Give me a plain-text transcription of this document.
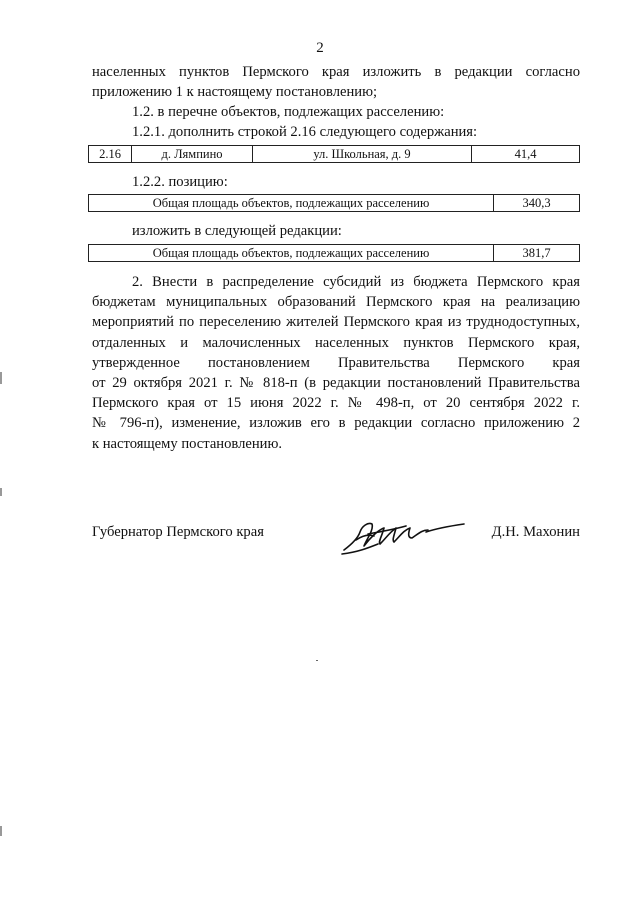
2
населенных пунктов Пермского края изложить в редакции согласно
приложению 1 к настоящему постановлению;
1.2. в перечне объектов, подлежащих расселению:
1.2.1. дополнить строкой 2.16 следующего содержания:
2.16	д. Лямпино	ул. Школьная, д. 9	41,4
1.2.2. позицию:
Общая площадь объектов, подлежащих расселению	340,3
изложить в следующей редакции:
Общая площадь объектов, подлежащих расселению	381,7
2. Внести в распределение субсидий из бюджета Пермского края
бюджетам муниципальных образований Пермского края на реализацию
мероприятий по переселению жителей Пермского края из труднодоступных,
отдаленных и малочисленных населенных пунктов Пермского края,
утвержденное постановлением Правительства Пермского края
от 29 октября 2021 г. № 818-п (в редакции постановлений Правительства
Пермского края от 15 июня 2022 г. № 498-п, от 20 сентября 2022 г.
№ 796-п), изменение, изложив его в редакции согласно приложению 2
к настоящему постановлению.
Губернатор Пермского края	Д.Н. Махонин
